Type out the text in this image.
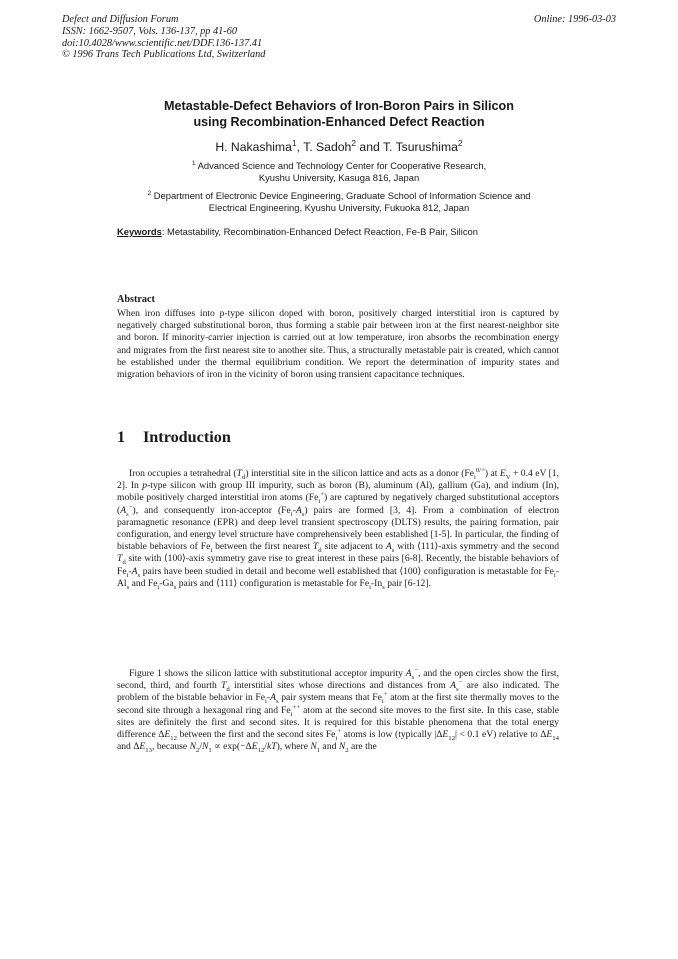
Defect and Diffusion Forum
ISSN: 1662-9507, Vols. 136-137, pp 41-60
doi:10.4028/www.scientific.net/DDF.136-137.41
© 1996 Trans Tech Publications Ltd, Switzerland
Online: 1996-03-03
Metastable-Defect Behaviors of Iron-Boron Pairs in Silicon
using Recombination-Enhanced Defect Reaction
H. Nakashima$^1$, T. Sadoh$^2$ and T. Tsurushima$^2$
$^1$ Advanced Science and Technology Center for Cooperative Research,
Kyushu University, Kasuga 816, Japan
$^2$ Department of Electronic Device Engineering, Graduate School of Information Science and
Electrical Engineering, Kyushu University, Fukuoka 812, Japan
Keywords: Metastability, Recombination-Enhanced Defect Reaction, Fe-B Pair, Silicon
Abstract
When iron diffuses into p-type silicon doped with boron, positively charged interstitial iron is captured by negatively charged substitutional boron, thus forming a stable pair between iron at the first nearest-neighbor site and boron. If minority-carrier injection is carried out at low temperature, iron absorbs the recombination energy and migrates from the first nearest site to another site. Thus, a structurally metastable pair is created, which cannot be established under the thermal equilibrium condition. We report the determination of impurity states and migration behaviors of iron in the vicinity of boron using transient capacitance techniques.
1 Introduction
Iron occupies a tetrahedral $(T_d)$ interstitial site in the silicon lattice and acts as a donor $(Fe_i^{0/+})$ at $E_V + 0.4$ eV [1, 2]. In p-type silicon with group III impurity, such as boron (B), aluminum (Al), gallium (Ga), and indium (In), mobile positively charged interstitial iron atoms $(Fe_i^+)$ are captured by negatively charged substitutional acceptors $(A_s^-)$, and consequently iron-acceptor $(Fe_i-A_s)$ pairs are formed [3, 4]. From a combination of electron paramagnetic resonance (EPR) and deep level transient spectroscopy (DLTS) results, the pairing formation, pair configuration, and energy level structure have comprehensively been established [1-5]. In particular, the finding of bistable behaviors of $Fe_i$ between the first nearest $T_d$ site adjacent to $A_s$ with ⟨111⟩-axis symmetry and the second $T_d$ site with ⟨100⟩-axis symmetry gave rise to great interest in these pairs [6-8]. Recently, the bistable behaviors of $Fe_i-A_s$ pairs have been studied in detail and become well established that ⟨100⟩ configuration is metastable for $Fe_i-Al_s$ and $Fe_i-Ga_s$ pairs and ⟨111⟩ configuration is metastable for $Fe_i-In_s$ pair [6-12].
Figure 1 shows the silicon lattice with substitutional acceptor impurity $A_s^-$, and the open circles show the first, second, third, and fourth $T_d$ interstitial sites whose directions and distances from $A_s^-$ are also indicated. The problem of the bistable behavior in $Fe_i-A_s$ pair system means that $Fe_i^+$ atom at the first site thermally moves to the second site through a hexagonal ring and $Fe_i^{++}$ atom at the second site moves to the first site. In this case, stable sites are definitely the first and second sites. It is required for this bistable phenomena that the total energy difference $\Delta E_{12}$ between the first and the second sites $Fe_i^+$ atoms is low (typically $|\Delta E_{12}| < 0.1$ eV) relative to $\Delta E_{14}$ and $\Delta E_{13}$, because $N_2/N_1 \propto \exp(-\Delta E_{12}/kT)$, where $N_1$ and $N_2$ are the
